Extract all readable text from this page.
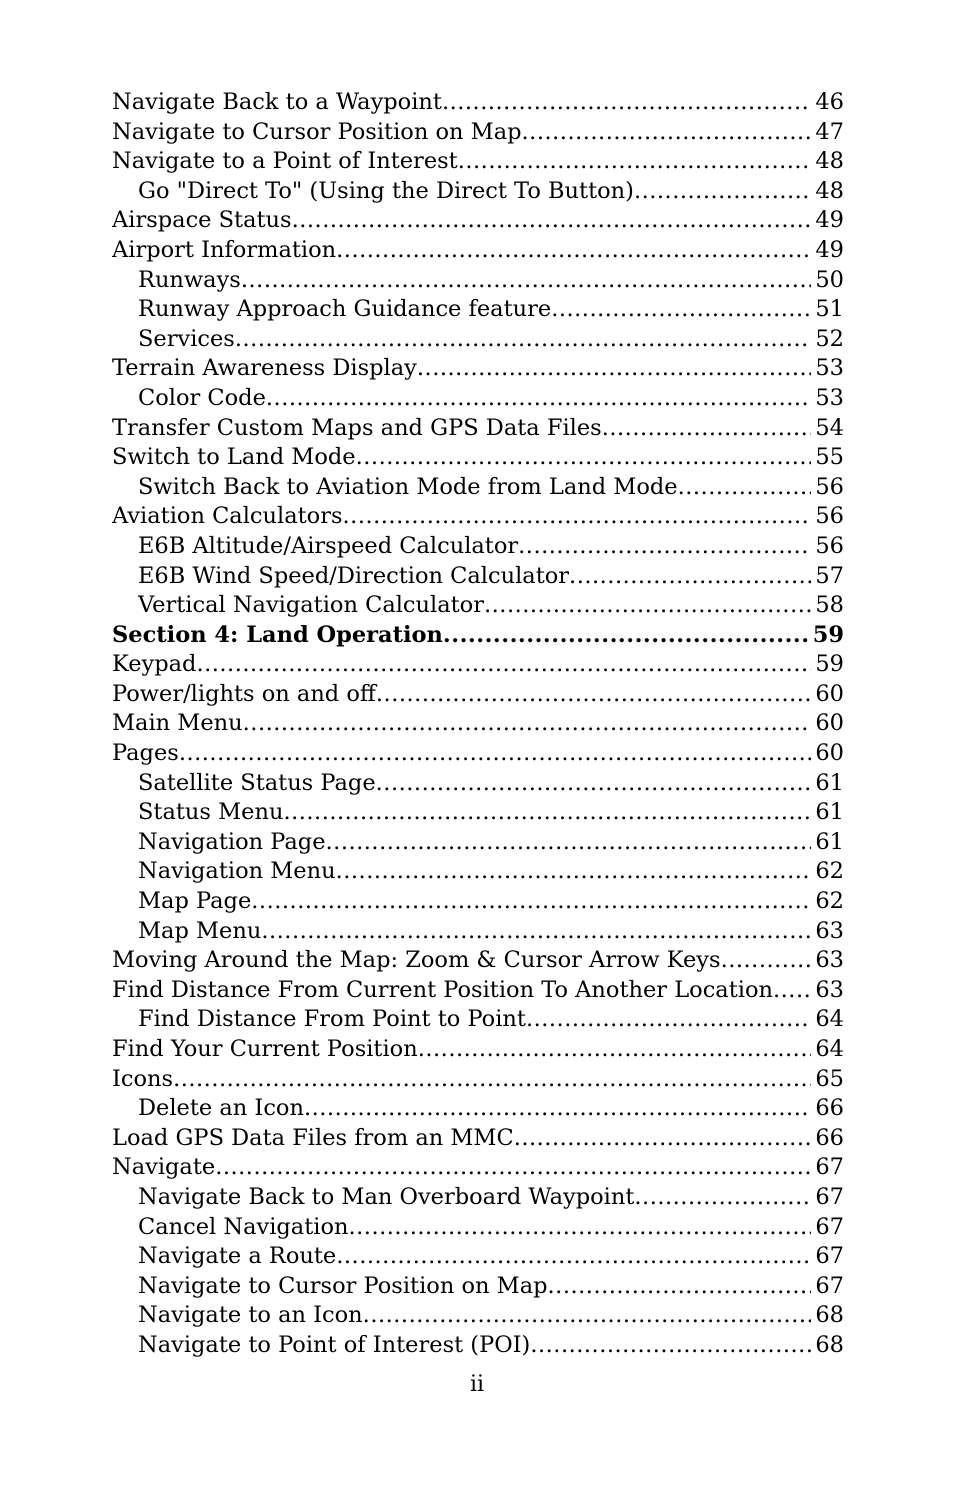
Navigate Back to a Waypoint .....	46
Navigate to Cursor Position on Map .....	47
Navigate to a Point of Interest .....	48
Go "Direct To" (Using the Direct To Button) .....	48
Airspace Status .....	49
Airport Information .....	49
Runways .....	50
Runway Approach Guidance feature .....	51
Services .....	52
Terrain Awareness Display .....	53
Color Code .....	53
Transfer Custom Maps and GPS Data Files .....	54
Switch to Land Mode .....	55
Switch Back to Aviation Mode from Land Mode .....	56
Aviation Calculators .....	56
E6B Altitude/Airspeed Calculator .....	56
E6B Wind Speed/Direction Calculator .....	57
Vertical Navigation Calculator .....	58
Section 4: Land Operation .....	59
Keypad .....	59
Power/lights on and off .....	60
Main Menu .....	60
Pages .....	60
Satellite Status Page .....	61
Status Menu .....	61
Navigation Page .....	61
Navigation Menu .....	62
Map Page .....	62
Map Menu .....	63
Moving Around the Map: Zoom & Cursor Arrow Keys .....	63
Find Distance From Current Position To Another Location ..... 63
Find Distance From Point to Point .....	64
Find Your Current Position .....	64
Icons .....	65
Delete an Icon .....	66
Load GPS Data Files from an MMC .....	66
Navigate .....	67
Navigate Back to Man Overboard Waypoint .....	67
Cancel Navigation .....	67
Navigate a Route .....	67
Navigate to Cursor Position on Map .....	67
Navigate to an Icon .....	68
Navigate to Point of Interest (POI) .....	68
ii
